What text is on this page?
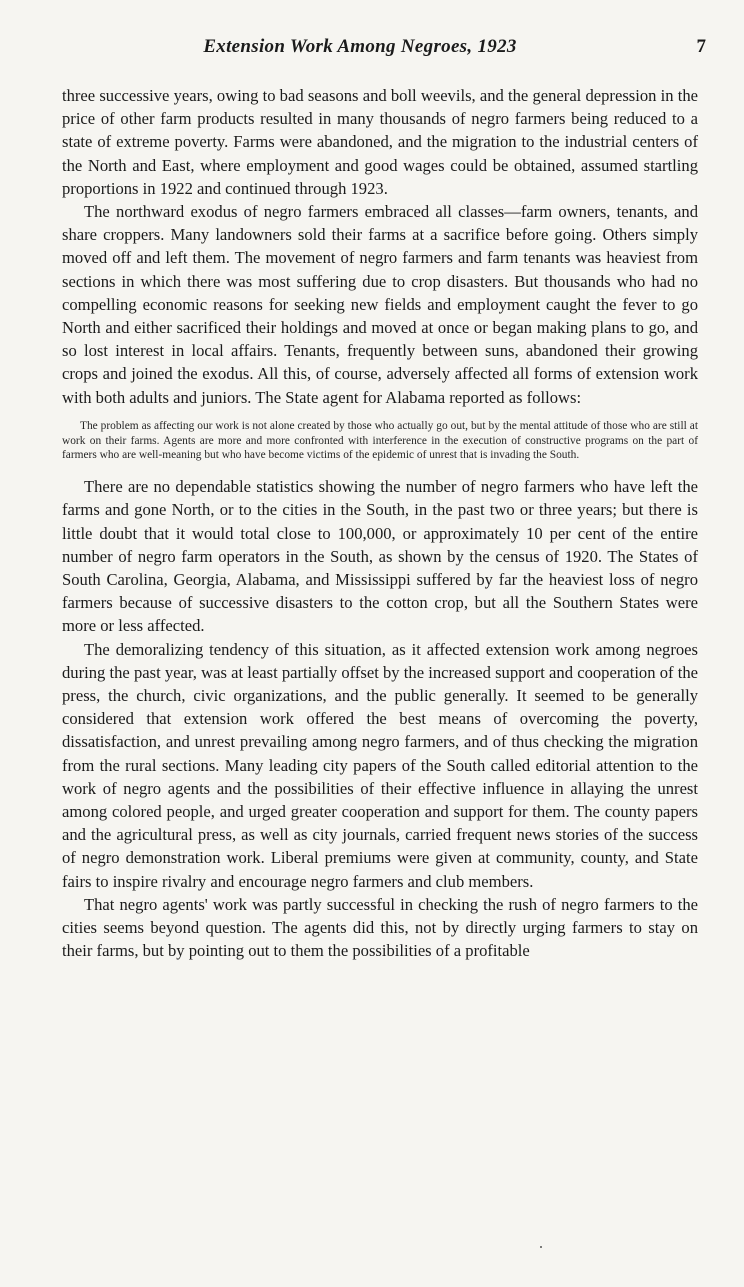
Extension Work Among Negroes, 1923	7

three successive years, owing to bad seasons and boll weevils, and the general depression in the price of other farm products resulted in many thousands of negro farmers being reduced to a state of extreme poverty. Farms were abandoned, and the migration to the industrial centers of the North and East, where employment and good wages could be obtained, assumed startling proportions in 1922 and continued through 1923.

The northward exodus of negro farmers embraced all classes—farm owners, tenants, and share croppers. Many landowners sold their farms at a sacrifice before going. Others simply moved off and left them. The movement of negro farmers and farm tenants was heaviest from sections in which there was most suffering due to crop disasters. But thousands who had no compelling economic reasons for seeking new fields and employment caught the fever to go North and either sacrificed their holdings and moved at once or began making plans to go, and so lost interest in local affairs. Tenants, frequently between suns, abandoned their growing crops and joined the exodus. All this, of course, adversely affected all forms of extension work with both adults and juniors. The State agent for Alabama reported as follows:

The problem as affecting our work is not alone created by those who actually go out, but by the mental attitude of those who are still at work on their farms. Agents are more and more confronted with interference in the execution of constructive programs on the part of farmers who are well-meaning but who have become victims of the epidemic of unrest that is invading the South.

There are no dependable statistics showing the number of negro farmers who have left the farms and gone North, or to the cities in the South, in the past two or three years; but there is little doubt that it would total close to 100,000, or approximately 10 per cent of the entire number of negro farm operators in the South, as shown by the census of 1920. The States of South Carolina, Georgia, Alabama, and Mississippi suffered by far the heaviest loss of negro farmers because of successive disasters to the cotton crop, but all the Southern States were more or less affected.

The demoralizing tendency of this situation, as it affected extension work among negroes during the past year, was at least partially offset by the increased support and cooperation of the press, the church, civic organizations, and the public generally. It seemed to be generally considered that extension work offered the best means of overcoming the poverty, dissatisfaction, and unrest prevailing among negro farmers, and of thus checking the migration from the rural sections. Many leading city papers of the South called editorial attention to the work of negro agents and the possibilities of their effective influence in allaying the unrest among colored people, and urged greater cooperation and support for them. The county papers and the agricultural press, as well as city journals, carried frequent news stories of the success of negro demonstration work. Liberal premiums were given at community, county, and State fairs to inspire rivalry and encourage negro farmers and club members.

That negro agents' work was partly successful in checking the rush of negro farmers to the cities seems beyond question. The agents did this, not by directly urging farmers to stay on their farms, but by pointing out to them the possibilities of a profitable
